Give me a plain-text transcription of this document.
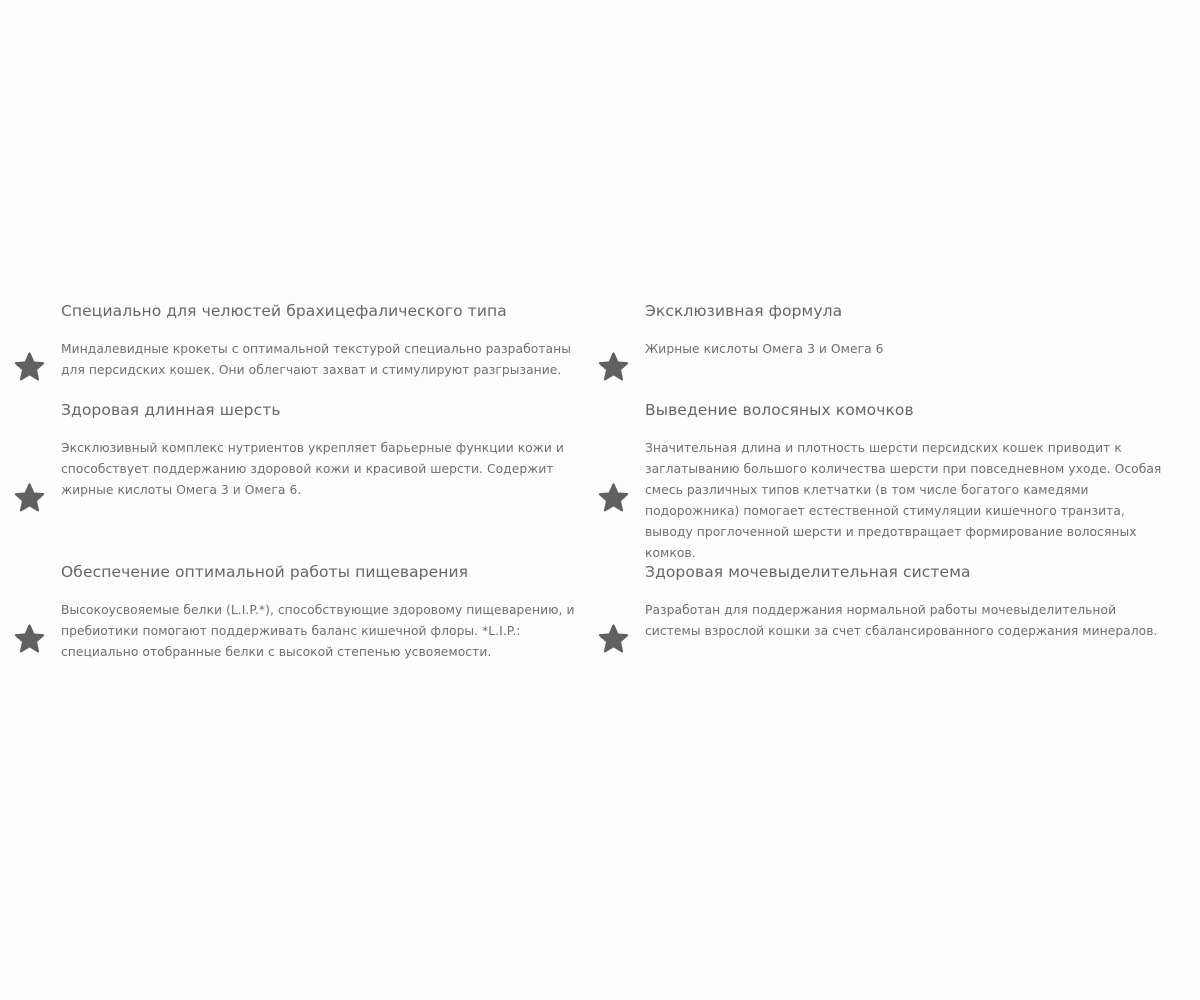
Специально для челюстей брахицефалического типа

Миндалевидные крокеты с оптимальной текстурой специально разработаны для персидских кошек. Они облегчают захват и стимулируют разгрызание.

Эксклюзивная формула

Жирные кислоты Омега 3 и Омега 6

Здоровая длинная шерсть

Эксклюзивный комплекс нутриентов укрепляет барьерные функции кожи и способствует поддержанию здоровой кожи и красивой шерсти. Содержит жирные кислоты Омега 3 и Омега 6.

Выведение волосяных комочков

Значительная длина и плотность шерсти персидских кошек приводит к заглатыванию большого количества шерсти при повседневном уходе. Особая смесь различных типов клетчатки (в том числе богатого камедями подорожника) помогает естественной стимуляции кишечного транзита, выводу проглоченной шерсти и предотвращает формирование волосяных комков.

Обеспечение оптимальной работы пищеварения

Высокоусвояемые белки (L.I.P.*), способствующие здоровому пищеварению, и пребиотики помогают поддерживать баланс кишечной флоры. *L.I.P.: специально отобранные белки с высокой степенью усвояемости.

Здоровая мочевыделительная система

Разработан для поддержания нормальной работы мочевыделительной системы взрослой кошки за счет сбалансированного содержания минералов.
